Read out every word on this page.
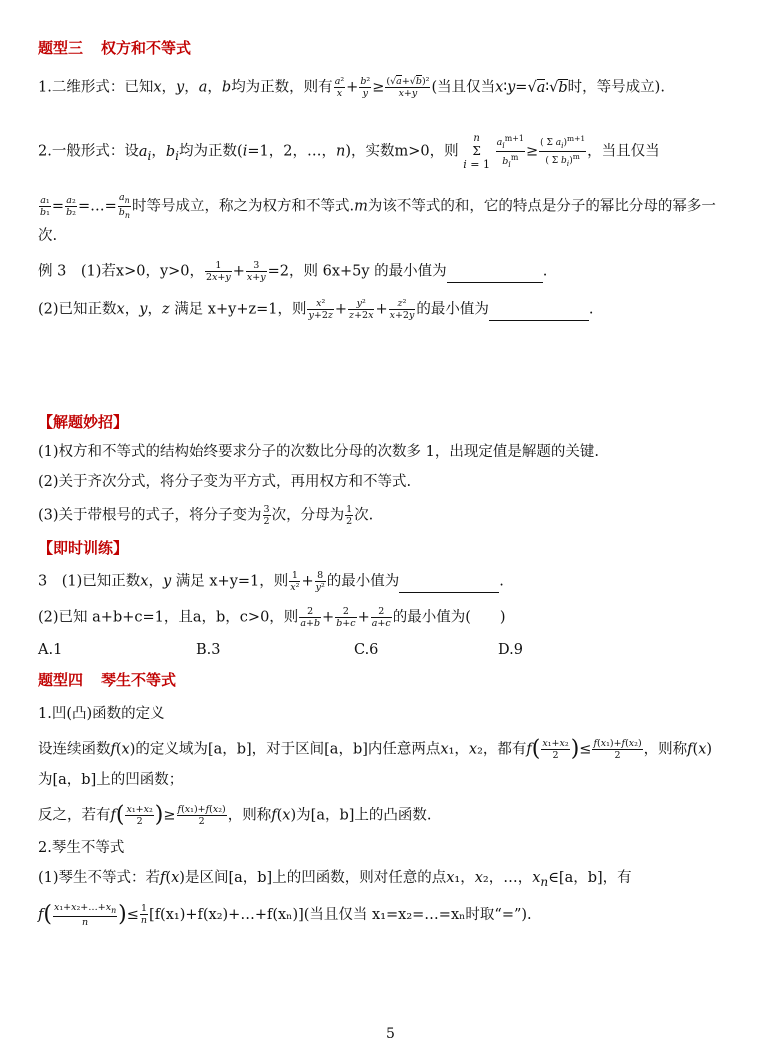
题型三 权方和不等式
1.二维形式：已知x，y，a，b均为正数，则有 $\frac{\text{a²}}{x} + \frac{\text{b²}}{y} \ge \frac{\text{(√a+√b)²}}{x+y}$ (当且仅当x∶y=√a∶√b时，等号成立).
2.一般形式：设$a_i$，$b_i$均为正数(i=1，2，…，n)，实数m>0，则
n
Σ
i = 1
$\frac{a_i^{m+1}}{b_i^m} \ge \frac{( \Sigma a_i)^{m+1}}{( \Sigma b_i)^m}$ ，当且仅当
$\frac{\text{a₁}}{\text{b₁}} = \frac{\text{a₂}}{\text{b₂}}$ =…= $\frac{a_n}{b_n}$ 时等号成立，称之为权方和不等式.m为该不等式的和，它的特点是分子的幂比分母的幂多一
次.
例 3　 (1)若x>0，y>0， $\frac{1}{2x+y} + \frac{3}{x+y} =2$，则 6x+5y 的最小值为	.
(2)已知正数x，y，z 满足 x+y+z=1，则 $\frac{\text{x²}}{y+2z} + \frac{\text{y²}}{z+2x} + \frac{\text{z²}}{x+2y}$ 的最小值为	.
【解题妙招】
(1)权方和不等式的结构始终要求分子的次数比分母的次数多 1，出现定值是解题的关键.
(2)关于齐次分式，将分子变为平方式，再用权方和不等式.
(3)关于带根号的式子，将分子变为 $\frac{3}{2}$ 次，分母为 $\frac{1}{2}$ 次.
【即时训练】
3　(1)已知正数x，y 满足 x+y=1，则 $\frac{1}{\text{x²}} + \frac{8}{\text{y²}}$ 的最小值为	.
(2)已知 a+b+c=1，且a，b，c>0，则 $\frac{2}{a+b} + \frac{2}{b+c} + \frac{2}{a+c}$ 的最小值为(　　)
A.1	B.3	C.6	D.9
题型四 琴生不等式
1.凹(凸)函数的定义
设连续函数f(x)的定义域为[a，b]，对于区间[a，b]内任意两点x₁，x₂，都有$f( \frac{\text{x₁+x₂}}{2}$ )≤ $\frac{\text{f(x₁)+f(x₂)}}{2}$ ，则称f(x)
为[a，b]上的凹函数；
反之，若有$f( \frac{\text{x₁+x₂}}{2}$ )≥ $\frac{\text{f(x₁)+f(x₂)}}{2}$ ，则称f(x)为[a，b]上的凸函数.
2.琴生不等式
(1)琴生不等式：若f(x)是区间[a，b]上的凹函数，则对任意的点x₁，x₂，…，$x_n\in[a$，b]，有
$f( \frac{x_1+x_2+\dots+x_n}{n}$ )≤ $\frac{1}{n}$ [f(x₁)+f(x₂)+…+f(xₙ)](当且仅当 x₁=x₂=…=xₙ时取“=”).
5
